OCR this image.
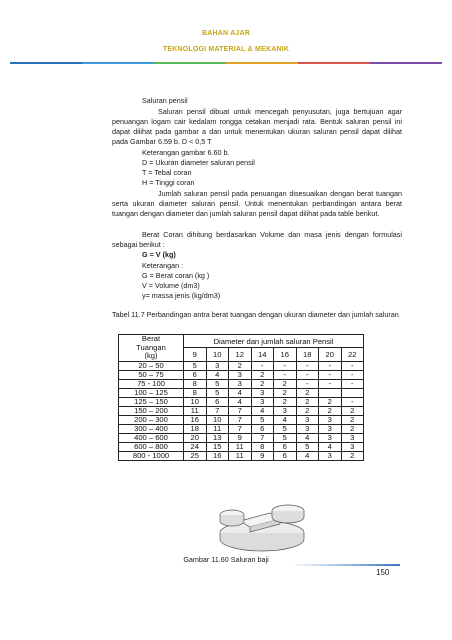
BAHAN AJAR
TEKNOLOGI MATERIAL & MEKANIK
Saluran pensil
Saluran pensil dibuat untuk mencegah penyusutan, juga bertujuan agar penuangan logam cair kedalam rongga cetakan menjadi rata. Bentuk saluran pensil ini dapat dilihat pada gambar a dan untuk menentukan ukuran saluran pensil dapat dilihat pada Gambar 6.59 b. D < 0,5 T
Keterangan gambar 6.60 b.
D = Ukuran diameter saluran pensil
T = Tebal coran
H = Tinggi coran
Jumlah saluran pensil pada penuangan disesuaikan dengan berat tuangan serta ukuran diameter saluran pensil. Untuk menentukan perbandingan antara berat tuangan dengan diameter dan jumlah saluran pensil dapat dilihat pada table berikut.
Berat Coran dihitung berdasarkan Volume dan masa jenis dengan formulasi sebagai berikut :
G = V (kg)
Keterangan :
G = Berat coran (kg )
V = Volume (dm3)
y= massa jenis (kg/dm3)
Tabel 11.7 Perbandingan antra berat tuangan dengan ukuran diameter dan jumlah saluran
Berat
Tuangan
(kg)	Diameter dan jumlah saluran Pensil							
	9	10	12	14	16	18	20	22
20 – 50	5	3	2	-	-	-	-	-
50 – 75	6	4	3	2	-	-	-	-
75 - 100	8	5	3	2	2	-	-	-
100 – 125	8	5	4	3	2	2		
125 – 150	10	6	4	3	2	2	2	-
150 – 200	11	7	7	4	3	2	2	2
200 – 300	16	10	7	5	4	3	3	2
300 – 400	18	11	7	6	5	3	3	2
400 – 600	20	13	9	7	5	4	3	3
600 – 800	24	15	11	8	6	5	4	3
800 - 1000	25	16	11	9	6	4	3	2
Gambar 11.60 Saluran baji
150
